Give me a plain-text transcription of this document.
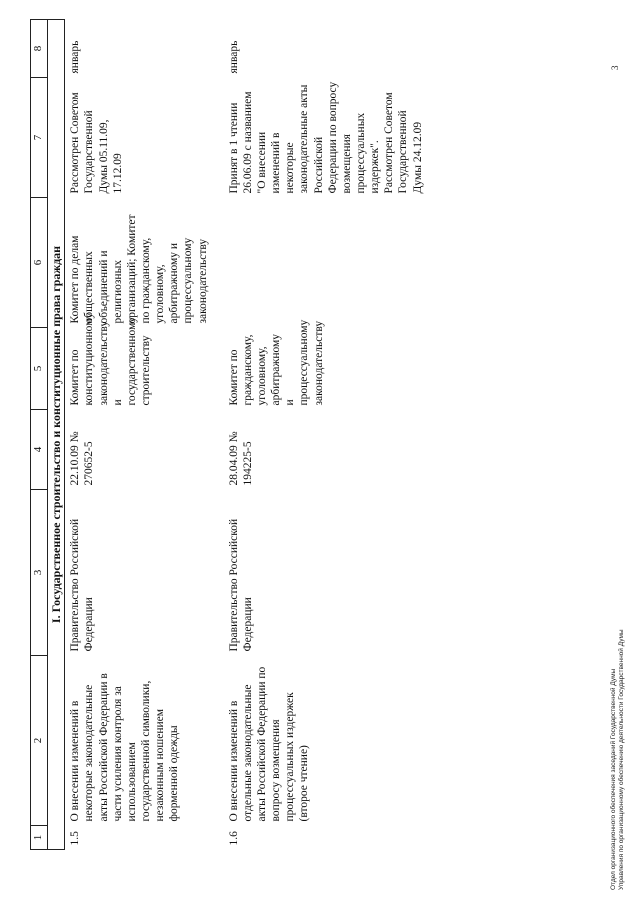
1	2	3	4	5	6	7	8
I. Государственное строительство и конституционные права граждан							
1.5	О внесении изменений в некоторые законодательные акты Российской Федерации в части усиления контроля за использованием государственной символики, незаконным ношением форменной одежды	Правительство Российской Федерации	22.10.09 № 270652-5	Комитет по конституционному законодательству и государственному строительству	Комитет по делам общественных объединений и религиозных организаций; Комитет по гражданскому, уголовному, арбитражному и процессуальному законодательству	Рассмотрен Советом Государственной Думы 05.11.09, 17.12.09	январь
1.6	О внесении изменений в отдельные законодательные акты Российской Федерации по вопросу возмещения процессуальных издержек (второе чтение)	Правительство Российской Федерации	28.04.09 № 194225-5	Комитет по гражданскому, уголовному, арбитражному и процессуальному законодательству		Принят в 1 чтении 26.06.09 с названием "О внесении изменений в некоторые законодательные акты Российской Федерации по вопросу возмещения процессуальных издержек". Рассмотрен Советом Государственной Думы 24.12.09	январь
Отдел организационного обеспечения заседаний Государственной Думы Управления по организационному обеспечению деятельности Государственной Думы
3
